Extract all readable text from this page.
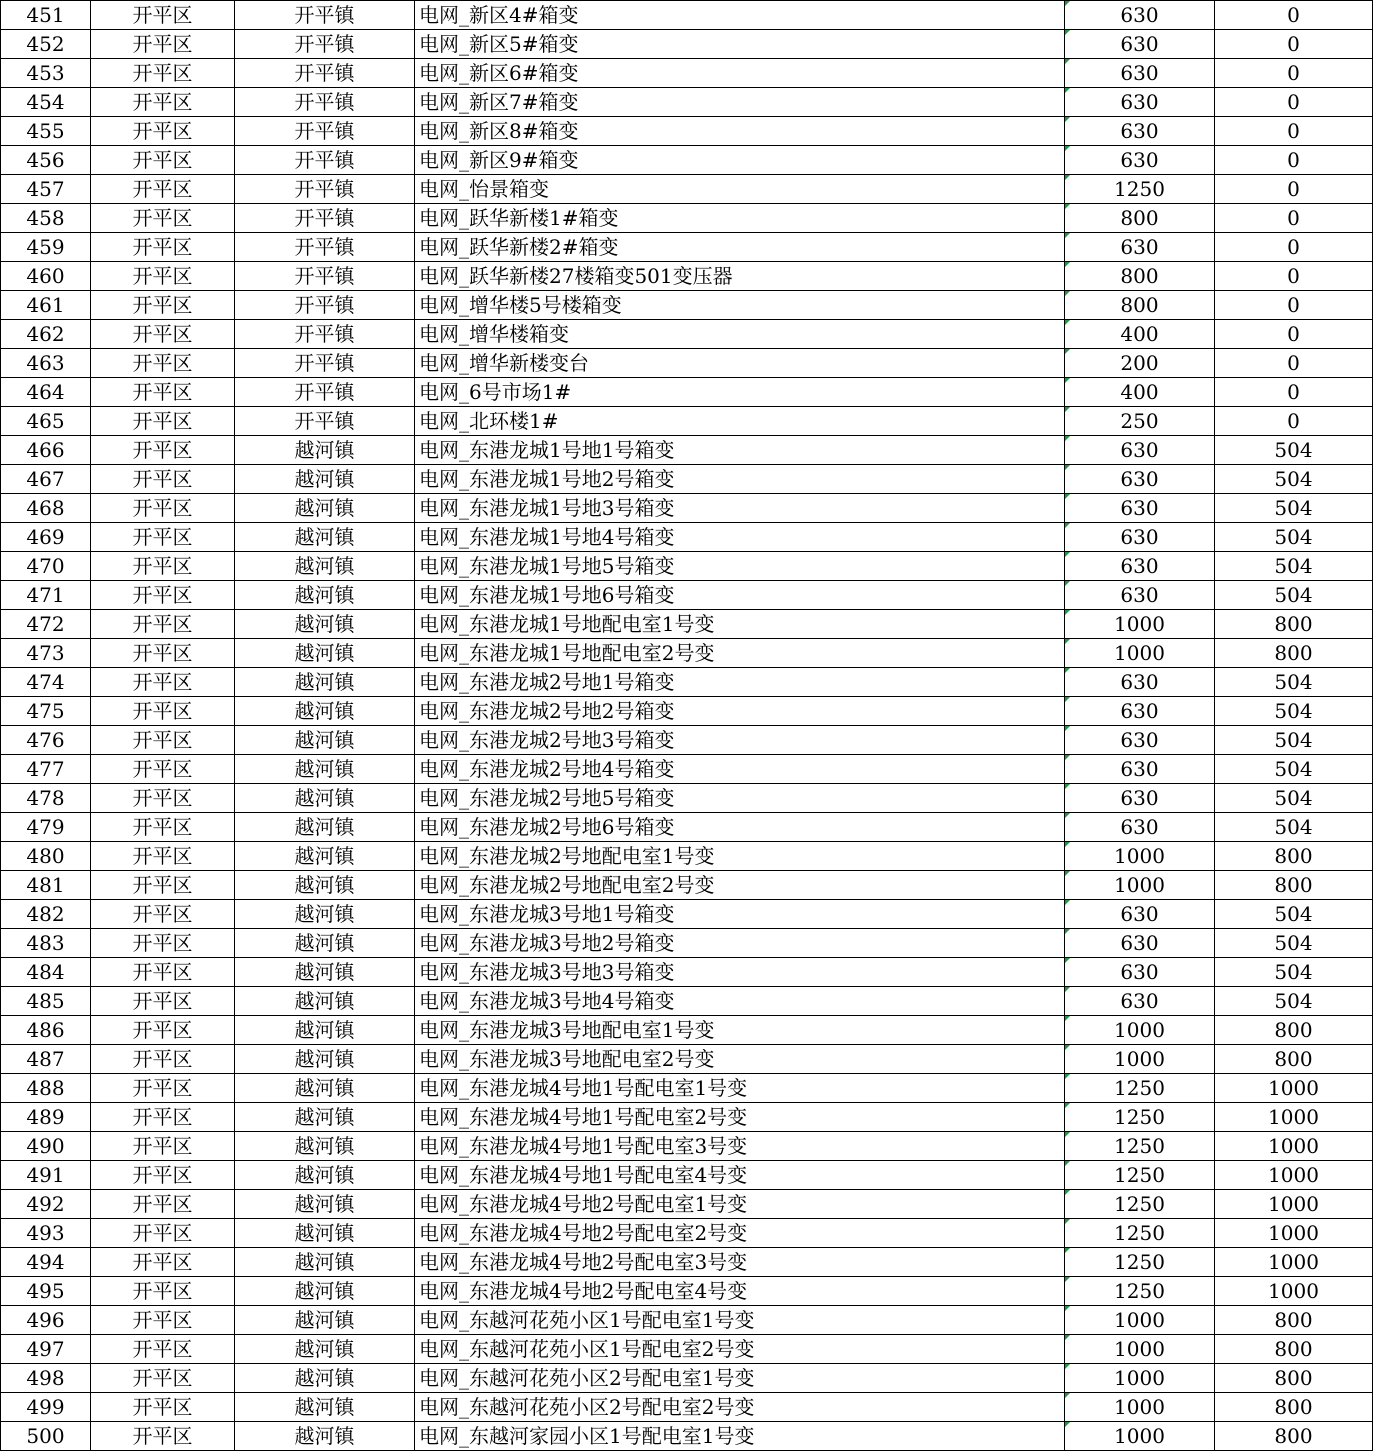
451	开平区	开平镇	电网_新区4#箱变	630	0
452	开平区	开平镇	电网_新区5#箱变	630	0
453	开平区	开平镇	电网_新区6#箱变	630	0
454	开平区	开平镇	电网_新区7#箱变	630	0
455	开平区	开平镇	电网_新区8#箱变	630	0
456	开平区	开平镇	电网_新区9#箱变	630	0
457	开平区	开平镇	电网_怡景箱变	1250	0
458	开平区	开平镇	电网_跃华新楼1#箱变	800	0
459	开平区	开平镇	电网_跃华新楼2#箱变	630	0
460	开平区	开平镇	电网_跃华新楼27楼箱变501变压器	800	0
461	开平区	开平镇	电网_增华楼5号楼箱变	800	0
462	开平区	开平镇	电网_增华楼箱变	400	0
463	开平区	开平镇	电网_增华新楼变台	200	0
464	开平区	开平镇	电网_6号市场1#	400	0
465	开平区	开平镇	电网_北环楼1#	250	0
466	开平区	越河镇	电网_东港龙城1号地1号箱变	630	504
467	开平区	越河镇	电网_东港龙城1号地2号箱变	630	504
468	开平区	越河镇	电网_东港龙城1号地3号箱变	630	504
469	开平区	越河镇	电网_东港龙城1号地4号箱变	630	504
470	开平区	越河镇	电网_东港龙城1号地5号箱变	630	504
471	开平区	越河镇	电网_东港龙城1号地6号箱变	630	504
472	开平区	越河镇	电网_东港龙城1号地配电室1号变	1000	800
473	开平区	越河镇	电网_东港龙城1号地配电室2号变	1000	800
474	开平区	越河镇	电网_东港龙城2号地1号箱变	630	504
475	开平区	越河镇	电网_东港龙城2号地2号箱变	630	504
476	开平区	越河镇	电网_东港龙城2号地3号箱变	630	504
477	开平区	越河镇	电网_东港龙城2号地4号箱变	630	504
478	开平区	越河镇	电网_东港龙城2号地5号箱变	630	504
479	开平区	越河镇	电网_东港龙城2号地6号箱变	630	504
480	开平区	越河镇	电网_东港龙城2号地配电室1号变	1000	800
481	开平区	越河镇	电网_东港龙城2号地配电室2号变	1000	800
482	开平区	越河镇	电网_东港龙城3号地1号箱变	630	504
483	开平区	越河镇	电网_东港龙城3号地2号箱变	630	504
484	开平区	越河镇	电网_东港龙城3号地3号箱变	630	504
485	开平区	越河镇	电网_东港龙城3号地4号箱变	630	504
486	开平区	越河镇	电网_东港龙城3号地配电室1号变	1000	800
487	开平区	越河镇	电网_东港龙城3号地配电室2号变	1000	800
488	开平区	越河镇	电网_东港龙城4号地1号配电室1号变	1250	1000
489	开平区	越河镇	电网_东港龙城4号地1号配电室2号变	1250	1000
490	开平区	越河镇	电网_东港龙城4号地1号配电室3号变	1250	1000
491	开平区	越河镇	电网_东港龙城4号地1号配电室4号变	1250	1000
492	开平区	越河镇	电网_东港龙城4号地2号配电室1号变	1250	1000
493	开平区	越河镇	电网_东港龙城4号地2号配电室2号变	1250	1000
494	开平区	越河镇	电网_东港龙城4号地2号配电室3号变	1250	1000
495	开平区	越河镇	电网_东港龙城4号地2号配电室4号变	1250	1000
496	开平区	越河镇	电网_东越河花苑小区1号配电室1号变	1000	800
497	开平区	越河镇	电网_东越河花苑小区1号配电室2号变	1000	800
498	开平区	越河镇	电网_东越河花苑小区2号配电室1号变	1000	800
499	开平区	越河镇	电网_东越河花苑小区2号配电室2号变	1000	800
500	开平区	越河镇	电网_东越河家园小区1号配电室1号变	1000	800
